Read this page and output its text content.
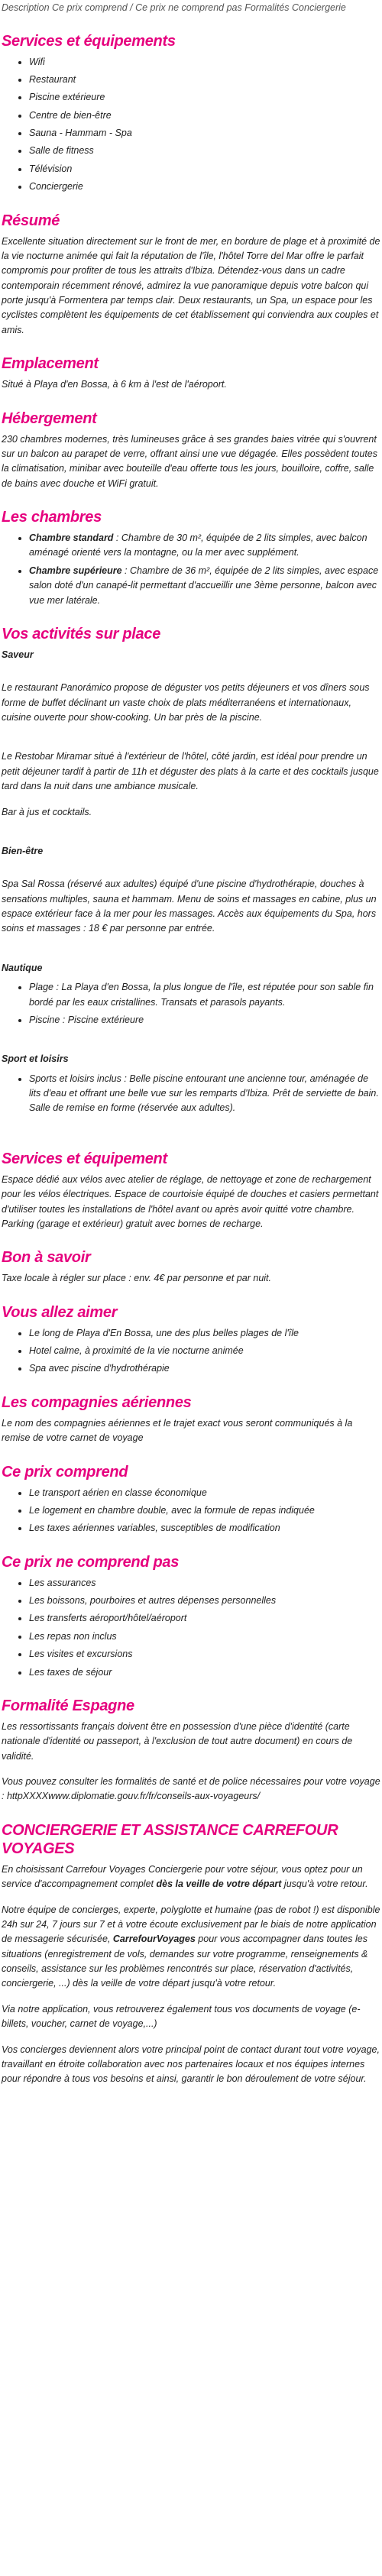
Description Ce prix comprend / Ce prix ne comprend pas Formalités Conciergerie

Services et équipements
• Wifi
• Restaurant
• Piscine extérieure
• Centre de bien-être
• Sauna - Hammam - Spa
• Salle de fitness
• Télévision
• Conciergerie
Résumé

Excellente situation directement sur le front de mer, en bordure de plage et à proximité de la vie nocturne animée qui fait la réputation de l'île, l'hôtel Torre del Mar offre le parfait compromis pour profiter de tous les attraits d'Ibiza. Détendez-vous dans un cadre contemporain récemment rénové, admirez la vue panoramique depuis votre balcon qui porte jusqu'à Formentera par temps clair. Deux restaurants, un Spa, un espace pour les cyclistes complètent les équipements de cet établissement qui conviendra aux couples et amis.

Emplacement

Situé à Playa d'en Bossa, à 6 km à l'est de l'aéroport.

Hébergement

230 chambres modernes, très lumineuses grâce à ses grandes baies vitrée qui s'ouvrent sur un balcon au parapet de verre, offrant ainsi une vue dégagée. Elles possèdent toutes la climatisation, minibar avec bouteille d'eau offerte tous les jours, bouilloire, coffre, salle de bains avec douche et WiFi gratuit.

Les chambres
• Chambre standard : Chambre de 30 m², équipée de 2 lits simples, avec balcon aménagé orienté vers la montagne, ou la mer avec supplément.
• Chambre supérieure : Chambre de 36 m², équipée de 2 lits simples, avec espace salon doté d'un canapé-lit permettant d'accueillir une 3ème personne, balcon avec vue mer latérale.
Vos activités sur place
Saveur

Le restaurant Panorámico propose de déguster vos petits déjeuners et vos dîners sous forme de buffet déclinant un vaste choix de plats méditerranéens et internationaux, cuisine ouverte pour show-cooking. Un bar près de la piscine.

Le Restobar Miramar situé à l'extérieur de l'hôtel, côté jardin, est idéal pour prendre un petit déjeuner tardif à partir de 11h et déguster des plats à la carte et des cocktails jusque tard dans la nuit dans une ambiance musicale.

Bar à jus et cocktails.

Bien-être

Spa Sal Rossa (réservé aux adultes) équipé d'une piscine d'hydrothérapie, douches à sensations multiples, sauna et hammam. Menu de soins et massages en cabine, plus un espace extérieur face à la mer pour les massages. Accès aux équipements du Spa, hors soins et massages : 18 € par personne par entrée.

Nautique
• Plage : La Playa d'en Bossa, la plus longue de l'île, est réputée pour son sable fin bordé par les eaux cristallines. Transats et parasols payants.
• Piscine : Piscine extérieure
Sport et loisirs
• Sports et loisirs inclus : Belle piscine entourant une ancienne tour, aménagée de lits d'eau et offrant une belle vue sur les remparts d'Ibiza. Prêt de serviette de bain. Salle de remise en forme (réservée aux adultes).
Services et équipement

Espace dédié aux vélos avec atelier de réglage, de nettoyage et zone de rechargement pour les vélos électriques. Espace de courtoisie équipé de douches et casiers permettant d'utiliser toutes les installations de l'hôtel avant ou après avoir quitté votre chambre. Parking (garage et extérieur) gratuit avec bornes de recharge.

Bon à savoir

Taxe locale à régler sur place : env. 4€ par personne et par nuit.

Vous allez aimer
• Le long de Playa d'En Bossa, une des plus belles plages de l'île
• Hotel calme, à proximité de la vie nocturne animée
• Spa avec piscine d'hydrothérapie
Les compagnies aériennes

Le nom des compagnies aériennes et le trajet exact vous seront communiqués à la remise de votre carnet de voyage

Ce prix comprend
• Le transport aérien en classe économique
• Le logement en chambre double, avec la formule de repas indiquée
• Les taxes aériennes variables, susceptibles de modification
Ce prix ne comprend pas
• Les assurances
• Les boissons, pourboires et autres dépenses personnelles
• Les transferts aéroport/hôtel/aéroport
• Les repas non inclus
• Les visites et excursions
• Les taxes de séjour
Formalité Espagne

Les ressortissants français doivent être en possession d'une pièce d'identité (carte nationale d'identité ou passeport, à l'exclusion de tout autre document) en cours de validité.

Vous pouvez consulter les formalités de santé et de police nécessaires pour votre voyage : httpXXXXwww.diplomatie.gouv.fr/fr/conseils-aux-voyageurs/

CONCIERGERIE ET ASSISTANCE CARREFOUR VOYAGES

En choisissant Carrefour Voyages Conciergerie pour votre séjour, vous optez pour un service d'accompagnement complet dès la veille de votre départ jusqu'à votre retour.

Notre équipe de concierges, experte, polyglotte et humaine (pas de robot !) est disponible 24h sur 24, 7 jours sur 7 et à votre écoute exclusivement par le biais de notre application de messagerie sécurisée, CarrefourVoyages pour vous accompagner dans toutes les situations (enregistrement de vols, demandes sur votre programme, renseignements & conseils, assistance sur les problèmes rencontrés sur place, réservation d'activités, conciergerie, ...) dès la veille de votre départ jusqu'à votre retour.

Via notre application, vous retrouverez également tous vos documents de voyage (e-billets, voucher, carnet de voyage,...)

Vos concierges deviennent alors votre principal point de contact durant tout votre voyage, travaillant en étroite collaboration avec nos partenaires locaux et nos équipes internes pour répondre à tous vos besoins et ainsi, garantir le bon déroulement de votre séjour.
